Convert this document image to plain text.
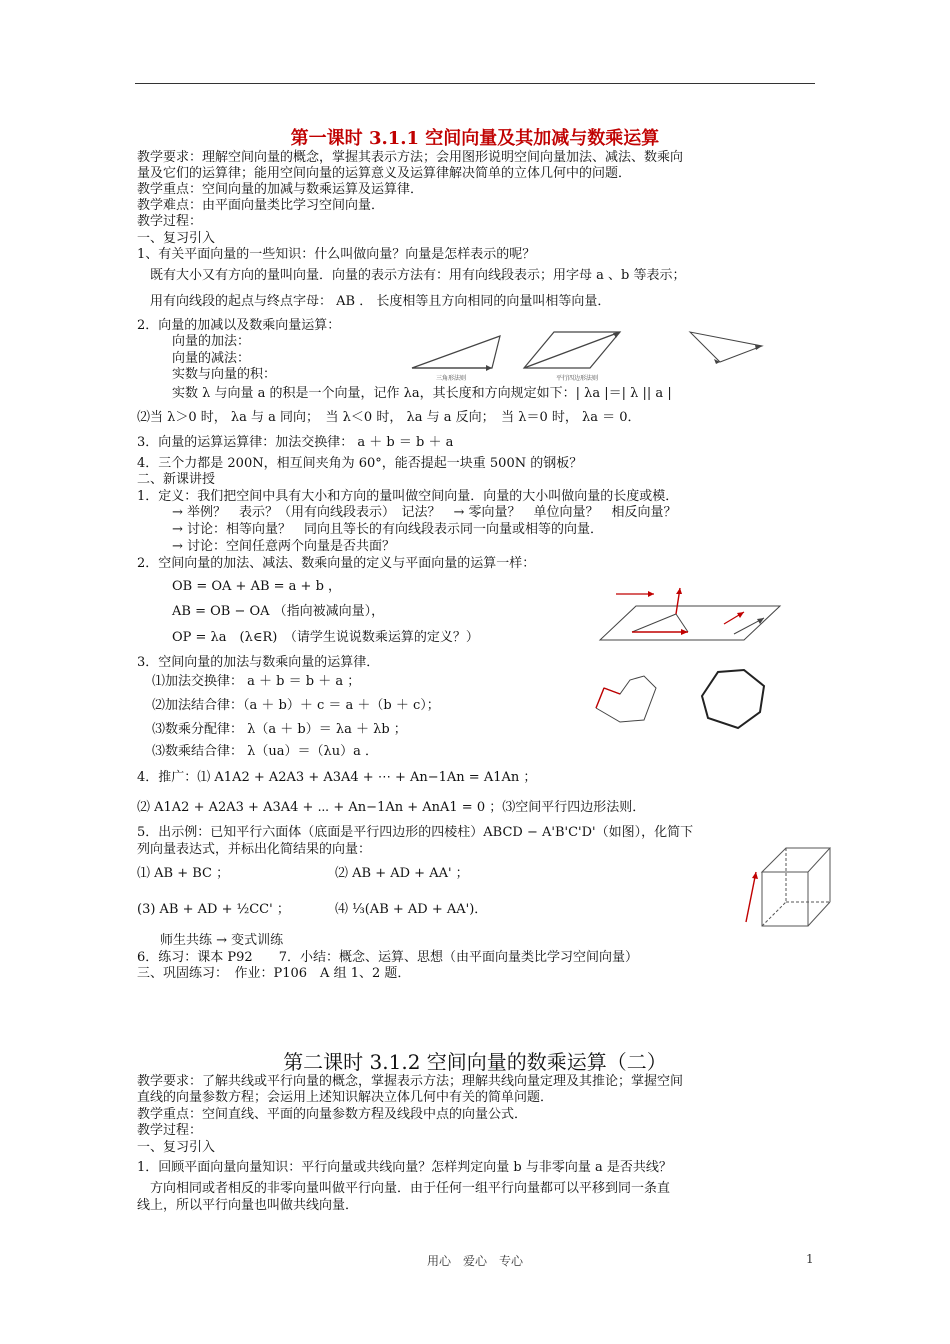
第一课时 3.1.1 空间向量及其加减与数乘运算
教学要求：理解空间向量的概念，掌握其表示方法；会用图形说明空间向量加法、减法、数乘向
量及它们的运算律；能用空间向量的运算意义及运算律解决简单的立体几何中的问题．
教学重点：空间向量的加减与数乘运算及运算律．
教学难点：由平面向量类比学习空间向量．
教学过程：
一、复习引入
1、有关平面向量的一些知识：什么叫做向量？向量是怎样表示的呢？
　既有大小又有方向的量叫向量．向量的表示方法有：用有向线段表示；用字母 a 、b 等表示；
　用有向线段的起点与终点字母： AB ． 长度相等且方向相同的向量叫相等向量．
2．向量的加减以及数乘向量运算：
向量的加法：
向量的减法：
实数与向量的积：
实数 λ 与向量 a 的积是一个向量，记作 λa，其长度和方向规定如下：| λa |＝| λ || a |
⑵当 λ＞0 时， λa 与 a 同向；　当 λ＜0 时， λa 与 a 反向；　当 λ＝0 时， λa ＝ 0．
3．向量的运算运算律：加法交换律： a ＋ b ＝ b ＋ a
4．三个力都是 200N，相互间夹角为 60°，能否提起一块重 500N 的钢板？
二、新课讲授
1．定义：我们把空间中具有大小和方向的量叫做空间向量．向量的大小叫做向量的长度或模．
→ 举例？　表示？（用有向线段表示）　记法？　→ 零向量？　单位向量？　相反向量？
→ 讨论：相等向量？　同向且等长的有向线段表示同一向量或相等的向量．
→ 讨论：空间任意两个向量是否共面？
2．空间向量的加法、减法、数乘向量的定义与平面向量的运算一样：
OB = OA + AB = a + b ，
AB = OB − OA （指向被减向量），
OP = λa　(λ∈R)　（请学生说说数乘运算的定义？）
3．空间向量的加法与数乘向量的运算律．
⑴加法交换律： a ＋ b ＝ b ＋ a ；
⑵加法结合律：（a ＋ b）＋ c ＝ a ＋（b ＋ c）；
⑶数乘分配律： λ（a ＋ b）＝ λa ＋ λb ；
⑶数乘结合律： λ（ua）＝（λu）a ．
4．推广：⑴ A1A2 + A2A3 + A3A4 + ⋯ + An−1An = A1An ；
⑵ A1A2 + A2A3 + A3A4 + ⋯ + An−1An + AnA1 = 0 ；⑶空间平行四边形法则．
5．出示例：已知平行六面体（底面是平行四边形的四棱柱）ABCD − A'B'C'D'（如图），化简下
列向量表达式，并标出化简结果的向量：
⑴ AB + BC ；	⑵ AB + AD + AA' ；
(3) AB + AD + ½CC' ；	⑷ ⅓(AB + AD + AA')．
师生共练 → 变式训练
6．练习：课本 P92　　7．小结：概念、运算、思想（由平面向量类比学习空间向量）
三、巩固练习：　作业：P106　A 组 1、2 题．
三角形法则	平行四边形法则
第二课时 3.1.2 空间向量的数乘运算（二）
教学要求：了解共线或平行向量的概念，掌握表示方法；理解共线向量定理及其推论；掌握空间
直线的向量参数方程；会运用上述知识解决立体几何中有关的简单问题．
教学重点：空间直线、平面的向量参数方程及线段中点的向量公式．
教学过程：
一、复习引入
1．回顾平面向量向量知识：平行向量或共线向量？怎样判定向量 b 与非零向量 a 是否共线？
　方向相同或者相反的非零向量叫做平行向量．由于任何一组平行向量都可以平移到同一条直
线上，所以平行向量也叫做共线向量．
用心　爱心　专心	1
